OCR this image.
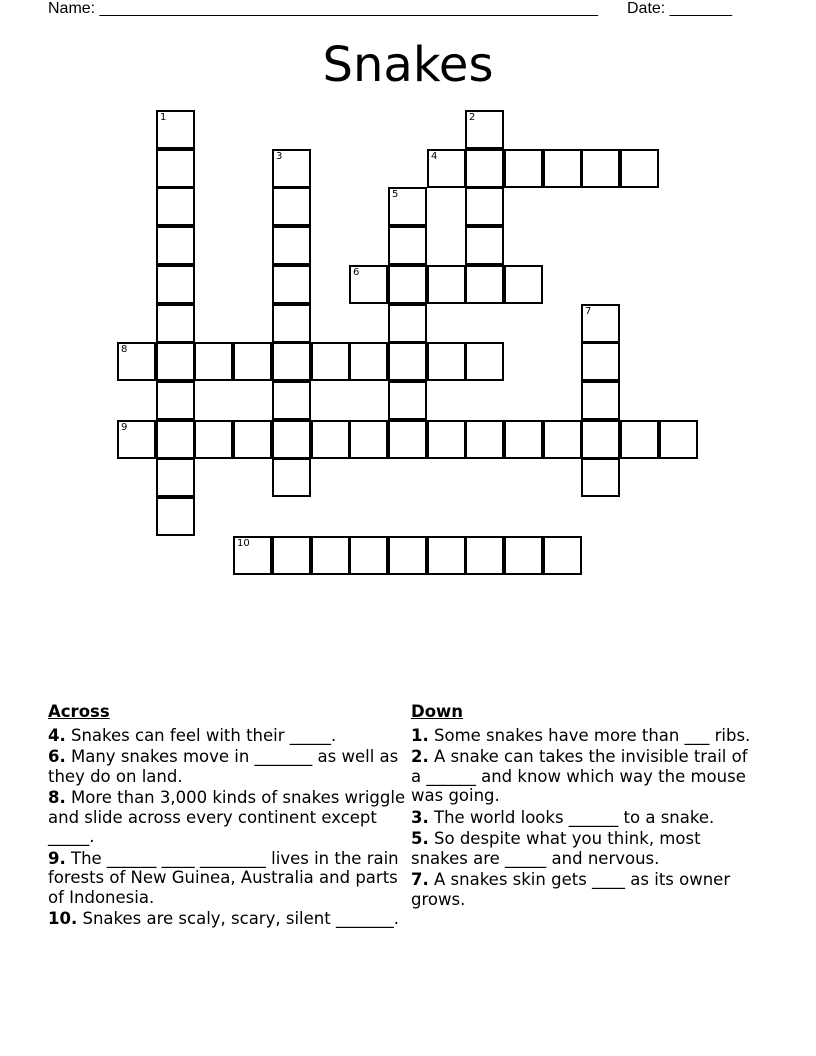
Name: ________________________________________________________ Date: _______
Snakes
1	2
3	4
5
6
7
8
9
10
Across
4. Snakes can feel with their _____.
6. Many snakes move in _______ as well as they do on land.
8. More than 3,000 kinds of snakes wriggle and slide across every continent except _____.
9. The ______ ____ ________ lives in the rain forests of New Guinea, Australia and parts of Indonesia.
10. Snakes are scaly, scary, silent _______.
Down
1. Some snakes have more than ___ ribs.
2. A snake can takes the invisible trail of a ______ and know which way the mouse was going.
3. The world looks ______ to a snake.
5. So despite what you think, most snakes are _____ and nervous.
7. A snakes skin gets ____ as its owner grows.
